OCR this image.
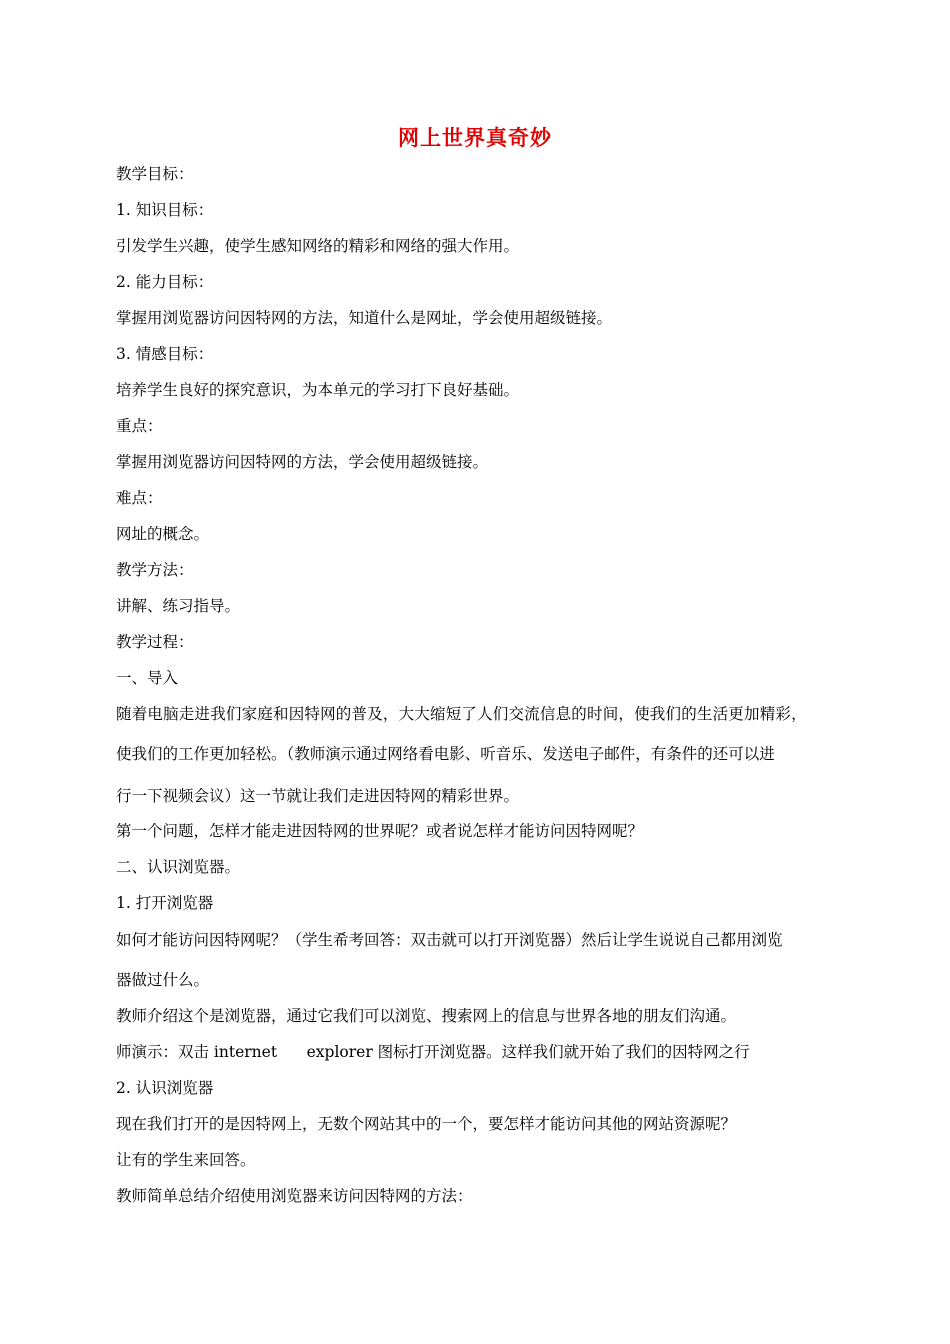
网上世界真奇妙
教学目标：
1. 知识目标：
引发学生兴趣，使学生感知网络的精彩和网络的强大作用。
2. 能力目标：
掌握用浏览器访问因特网的方法，知道什么是网址，学会使用超级链接。
3. 情感目标：
培养学生良好的探究意识，为本单元的学习打下良好基础。
重点：
掌握用浏览器访问因特网的方法，学会使用超级链接。
难点：
网址的概念。
教学方法：
讲解、练习指导。
教学过程：
一、导入
随着电脑走进我们家庭和因特网的普及，大大缩短了人们交流信息的时间，使我们的生活更加精彩，
使我们的工作更加轻松。（教师演示通过网络看电影、听音乐、发送电子邮件，有条件的还可以进
行一下视频会议）这一节就让我们走进因特网的精彩世界。
第一个问题，怎样才能走进因特网的世界呢？或者说怎样才能访问因特网呢？
二、认识浏览器。
1. 打开浏览器
如何才能访问因特网呢？（学生希考回答：双击就可以打开浏览器）然后让学生说说自己都用浏览
器做过什么。
教师介绍这个是浏览器，通过它我们可以浏览、搜索网上的信息与世界各地的朋友们沟通。
师演示：双击 internet      explorer 图标打开浏览器。这样我们就开始了我们的因特网之行
2. 认识浏览器
现在我们打开的是因特网上，无数个网站其中的一个，要怎样才能访问其他的网站资源呢？
让有的学生来回答。
教师简单总结介绍使用浏览器来访问因特网的方法：
